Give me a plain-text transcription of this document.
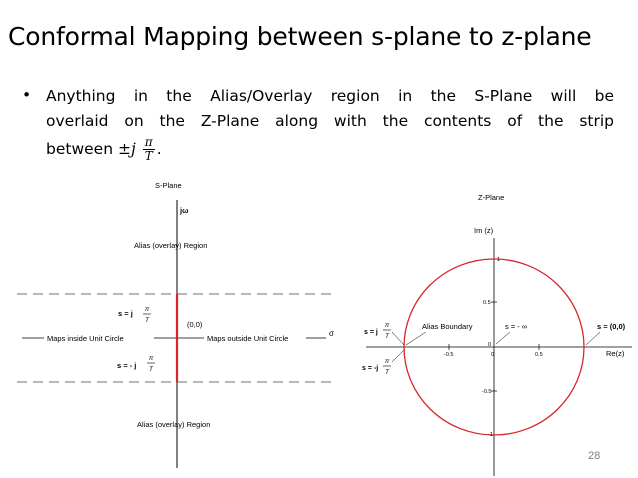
Conformal Mapping between s-plane to z-plane
• Anything in the Alias/Overlay region in the S-Plane will be
overlaid on the Z-Plane along with the contents of the strip
between $\pm j \frac{\pi}{T}$ .
S-Plane
jω
Alias (overlay) Region
s = j π
T	(0,0)
Maps inside Unit Circle	Maps outside Unit Circle
σ
s = - j
π
T
Alias (overlay) Region
Z-Plane
Im (z)
1
0.5
-0.5
-1
0
-0.5	0	0.5
Alias Boundary	s = - ∞	s = (0,0)
Re(z)
s = j
π
T
s = -j
π
T
28
